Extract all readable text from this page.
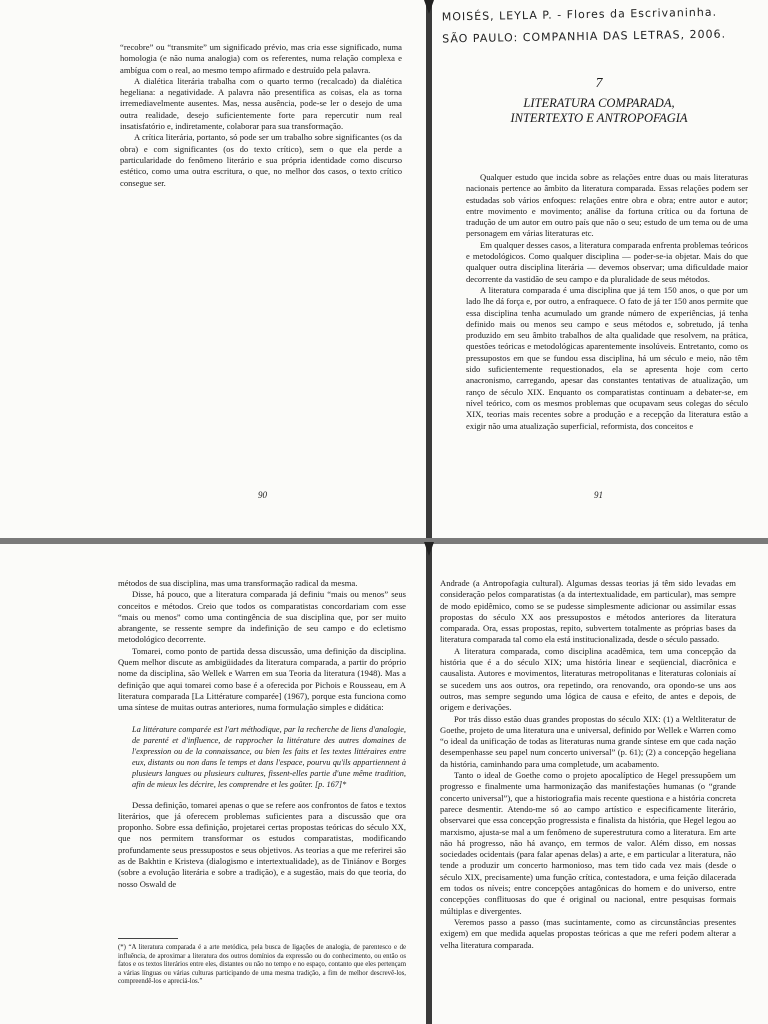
“recobre” ou “transmite” um significado prévio, mas cria esse significado, numa homologia (e não numa analogia) com os referentes, numa relação complexa e ambígua com o real, ao mesmo tempo afirmado e destruído pela palavra.

A dialética literária trabalha com o quarto termo (recalcado) da dialética hegeliana: a negatividade. A palavra não presentifica as coisas, ela as torna irremediavelmente ausentes. Mas, nessa ausência, pode-se ler o desejo de uma outra realidade, desejo suficientemente forte para repercutir num real insatisfatório e, indiretamente, colaborar para sua transformação.

A crítica literária, portanto, só pode ser um trabalho sobre significantes (os da obra) e com significantes (os do texto crítico), sem o que ela perde a particularidade do fenômeno literário e sua própria identidade como discurso estético, como uma outra escritura, o que, no melhor dos casos, o texto crítico consegue ser.

90
MOISÉS, LEYLA P. - Flores da Escrivaninha.
SÃO PAULO: COMPANHIA DAS LETRAS, 2006.
7
LITERATURA COMPARADA,
INTERTEXTO E ANTROPOFAGIA

Qualquer estudo que incida sobre as relações entre duas ou mais literaturas nacionais pertence ao âmbito da literatura comparada. Essas relações podem ser estudadas sob vários enfoques: relações entre obra e obra; entre autor e autor; entre movimento e movimento; análise da fortuna crítica ou da fortuna de tradução de um autor em outro país que não o seu; estudo de um tema ou de uma personagem em várias literaturas etc.

Em qualquer desses casos, a literatura comparada enfrenta problemas teóricos e metodológicos. Como qualquer disciplina — poder-se-ia objetar. Mais do que qualquer outra disciplina literária — devemos observar; uma dificuldade maior decorrente da vastidão de seu campo e da pluralidade de seus métodos.

A literatura comparada é uma disciplina que já tem 150 anos, o que por um lado lhe dá força e, por outro, a enfraquece. O fato de já ter 150 anos permite que essa disciplina tenha acumulado um grande número de experiências, já tenha definido mais ou menos seu campo e seus métodos e, sobretudo, já tenha produzido em seu âmbito trabalhos de alta qualidade que resolvem, na prática, questões teóricas e metodológicas aparentemente insolúveis. Entretanto, como os pressupostos em que se fundou essa disciplina, há um século e meio, não têm sido suficientemente requestionados, ela se apresenta hoje com certo anacronismo, carregando, apesar das constantes tentativas de atualização, um ranço de século XIX. Enquanto os comparatistas continuam a debater-se, em nível teórico, com os mesmos problemas que ocupavam seus colegas do século XIX, teorias mais recentes sobre a produção e a recepção da literatura estão a exigir não uma atualização superficial, reformista, dos conceitos e

91

métodos de sua disciplina, mas uma transformação radical da mesma.

Disse, há pouco, que a literatura comparada já definiu “mais ou menos” seus conceitos e métodos. Creio que todos os comparatistas concordariam com esse “mais ou menos” como uma contingência de sua disciplina que, por ser muito abrangente, se ressente sempre da indefinição de seu campo e do ecletismo metodológico decorrente.

Tomarei, como ponto de partida dessa discussão, uma definição da disciplina. Quem melhor discute as ambigüidades da literatura comparada, a partir do próprio nome da disciplina, são Wellek e Warren em sua Teoria da literatura (1948). Mas a definição que aqui tomarei como base é a oferecida por Pichois e Rousseau, em A literatura comparada [La Littérature comparée] (1967), porque esta funciona como uma síntese de muitas outras anteriores, numa formulação simples e didática:

La littérature comparée est l'art méthodique, par la recherche de liens d'analogie, de parenté et d'influence, de rapprocher la littérature des autres domaines de l'expression ou de la connaissance, ou bien les faits et les textes littéraires entre eux, distants ou non dans le temps et dans l'espace, pourvu qu'ils appartiennent à plusieurs langues ou plusieurs cultures, fissent-elles partie d'une même tradition, afin de mieux les décrire, les comprendre et les goûter. [p. 167]*

Dessa definição, tomarei apenas o que se refere aos confrontos de fatos e textos literários, que já oferecem problemas suficientes para a discussão que ora proponho. Sobre essa definição, projetarei certas propostas teóricas do século XX, que nos permitem transformar os estudos comparatistas, modificando profundamente seus pressupostos e seus objetivos. As teorias a que me referirei são as de Bakhtin e Kristeva (dialogismo e intertextualidade), as de Tiniánov e Borges (sobre a evolução literária e sobre a tradição), e a sugestão, mais do que teoria, do nosso Oswald de

(*) “A literatura comparada é a arte metódica, pela busca de ligações de analogia, de parentesco e de influência, de aproximar a literatura dos outros domínios da expressão ou do conhecimento, ou então os fatos e os textos literários entre eles, distantes ou não no tempo e no espaço, contanto que eles pertençam a várias línguas ou várias culturas participando de uma mesma tradição, a fim de melhor descrevê-los, compreendê-los e apreciá-los.”

Andrade (a Antropofagia cultural). Algumas dessas teorias já têm sido levadas em consideração pelos comparatistas (a da intertextualidade, em particular), mas sempre de modo epidêmico, como se se pudesse simplesmente adicionar ou assimilar essas propostas do século XX aos pressupostos e métodos anteriores da literatura comparada. Ora, essas propostas, repito, subvertem totalmente as próprias bases da literatura comparada tal como ela está institucionalizada, desde o século passado.

A literatura comparada, como disciplina acadêmica, tem uma concepção da história que é a do século XIX; uma história linear e seqüencial, diacrônica e causalista. Autores e movimentos, literaturas metropolitanas e literaturas coloniais aí se sucedem uns aos outros, ora repetindo, ora renovando, ora opondo-se uns aos outros, mas sempre segundo uma lógica de causa e efeito, de antes e depois, de origem e derivações.

Por trás disso estão duas grandes propostas do século XIX: (1) a Weltliteratur de Goethe, projeto de uma literatura una e universal, definido por Wellek e Warren como “o ideal da unificação de todas as literaturas numa grande síntese em que cada nação desempenhasse seu papel num concerto universal” (p. 61); (2) a concepção hegeliana da história, caminhando para uma completude, um acabamento.

Tanto o ideal de Goethe como o projeto apocalíptico de Hegel pressupõem um progresso e finalmente uma harmonização das manifestações humanas (o “grande concerto universal”), que a historiografia mais recente questiona e a história concreta parece desmentir. Atendo-me só ao campo artístico e especificamente literário, observarei que essa concepção progressista e finalista da história, que Hegel legou ao marxismo, ajusta-se mal a um fenômeno de superestrutura como a literatura. Em arte não há progresso, não há avanço, em termos de valor. Além disso, em nossas sociedades ocidentais (para falar apenas delas) a arte, e em particular a literatura, não tende a produzir um concerto harmonioso, mas tem tido cada vez mais (desde o século XIX, precisamente) uma função crítica, contestadora, e uma feição dilacerada em todos os níveis; entre concepções antagônicas do homem e do universo, entre concepções conflituosas do que é original ou nacional, entre pesquisas formais múltiplas e divergentes.

Veremos passo a passo (mas sucintamente, como as circunstâncias presentes exigem) em que medida aquelas propostas teóricas a que me referi podem alterar a velha literatura comparada.
